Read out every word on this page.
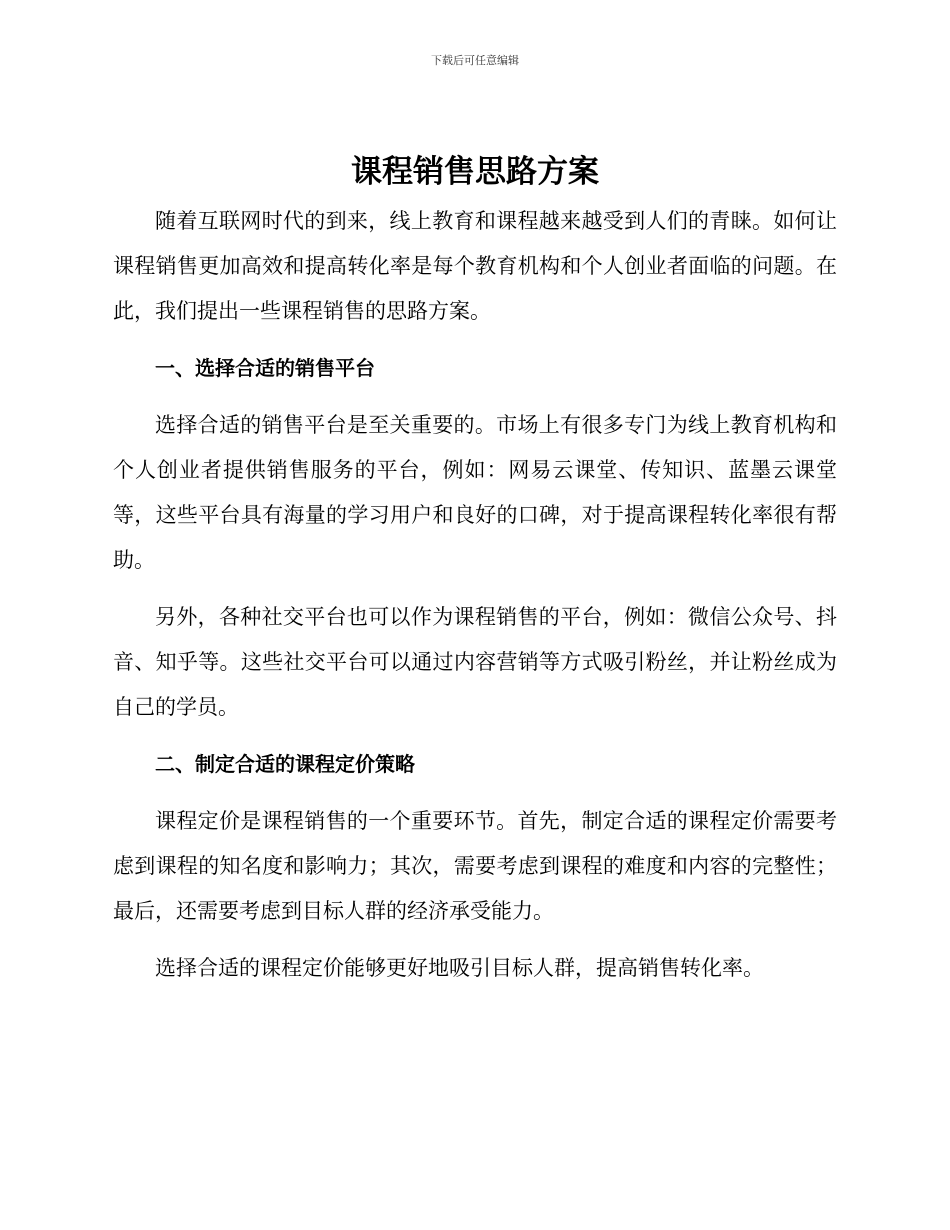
下载后可任意编辑
课程销售思路方案

随着互联网时代的到来，线上教育和课程越来越受到人们的青睐。如何让课程销售更加高效和提高转化率是每个教育机构和个人创业者面临的问题。在此，我们提出一些课程销售的思路方案。

一、选择合适的销售平台

选择合适的销售平台是至关重要的。市场上有很多专门为线上教育机构和个人创业者提供销售服务的平台，例如：网易云课堂、传知识、蓝墨云课堂等，这些平台具有海量的学习用户和良好的口碑，对于提高课程转化率很有帮助。

另外，各种社交平台也可以作为课程销售的平台，例如：微信公众号、抖音、知乎等。这些社交平台可以通过内容营销等方式吸引粉丝，并让粉丝成为自己的学员。

二、制定合适的课程定价策略

课程定价是课程销售的一个重要环节。首先，制定合适的课程定价需要考虑到课程的知名度和影响力；其次，需要考虑到课程的难度和内容的完整性；最后，还需要考虑到目标人群的经济承受能力。

选择合适的课程定价能够更好地吸引目标人群，提高销售转化率。
